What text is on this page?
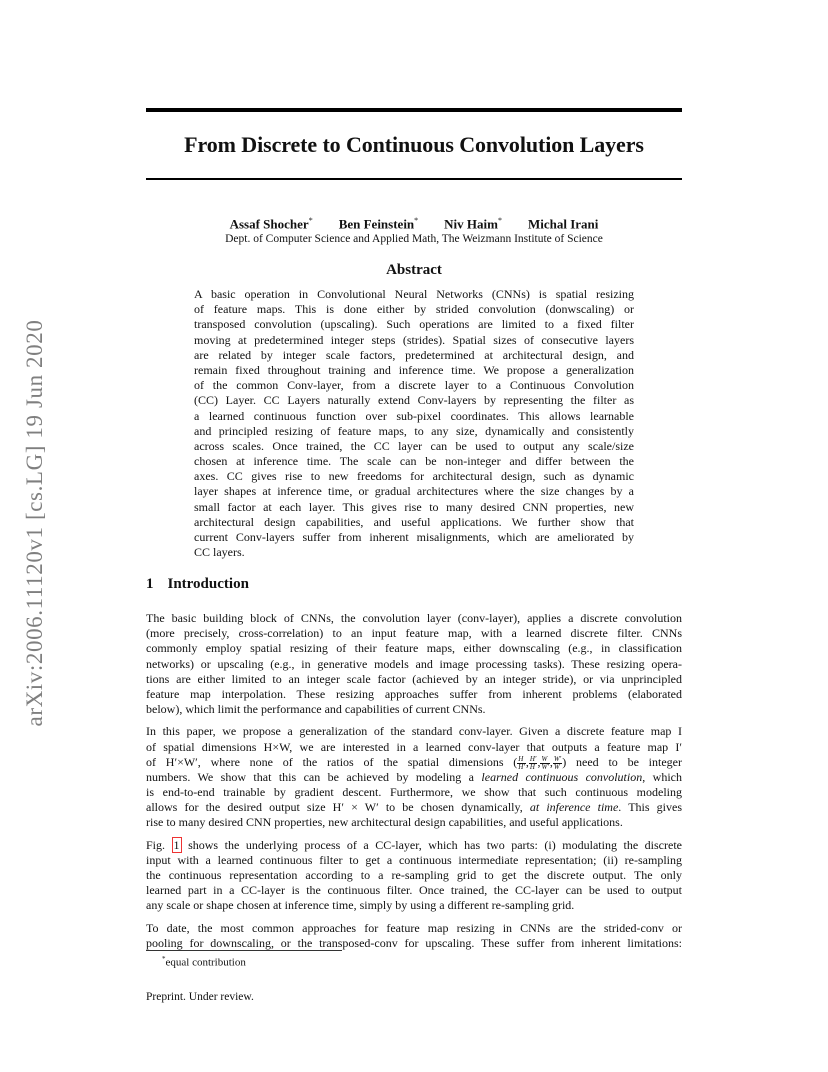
arXiv:2006.11120v1 [cs.LG] 19 Jun 2020
From Discrete to Continuous Convolution Layers
Assaf Shocher* Ben Feinstein* Niv Haim* Michal Irani
Dept. of Computer Science and Applied Math, The Weizmann Institute of Science
Abstract
A basic operation in Convolutional Neural Networks (CNNs) is spatial resizing
of feature maps. This is done either by strided convolution (donwscaling) or
transposed convolution (upscaling). Such operations are limited to a fixed filter
moving at predetermined integer steps (strides). Spatial sizes of consecutive layers
are related by integer scale factors, predetermined at architectural design, and
remain fixed throughout training and inference time. We propose a generalization
of the common Conv-layer, from a discrete layer to a Continuous Convolution
(CC) Layer. CC Layers naturally extend Conv-layers by representing the filter as
a learned continuous function over sub-pixel coordinates. This allows learnable
and principled resizing of feature maps, to any size, dynamically and consistently
across scales. Once trained, the CC layer can be used to output any scale/size
chosen at inference time. The scale can be non-integer and differ between the
axes. CC gives rise to new freedoms for architectural design, such as dynamic
layer shapes at inference time, or gradual architectures where the size changes by a
small factor at each layer. This gives rise to many desired CNN properties, new
architectural design capabilities, and useful applications. We further show that
current Conv-layers suffer from inherent misalignments, which are ameliorated by
CC layers.
1 Introduction
The basic building block of CNNs, the convolution layer (conv-layer), applies a discrete convolution
(more precisely, cross-correlation) to an input feature map, with a learned discrete filter. CNNs
commonly employ spatial resizing of their feature maps, either downscaling (e.g., in classification
networks) or upscaling (e.g., in generative models and image processing tasks). These resizing opera-
tions are either limited to an integer scale factor (achieved by an integer stride), or via unprincipled
feature map interpolation. These resizing approaches suffer from inherent problems (elaborated
below), which limit the performance and capabilities of current CNNs.
In this paper, we propose a generalization of the standard conv-layer. Given a discrete feature map I
of spatial dimensions H×W, we are interested in a learned conv-layer that outputs a feature map I′
of H′×W′, where none of the ratios of the spatial dimensions ( $\frac{H}{H'}$ , $\frac{H'}{H}$ , $\frac{W}{W'}$ , $\frac{W'}{W}$ ) need to be integer
numbers. We show that this can be achieved by modeling a learned continuous convolution, which
is end-to-end trainable by gradient descent. Furthermore, we show that such continuous modeling
allows for the desired output size H′ × W′ to be chosen dynamically, at inference time. This gives
rise to many desired CNN properties, new architectural design capabilities, and useful applications.
Fig. 1 shows the underlying process of a CC-layer, which has two parts: (i) modulating the discrete
input with a learned continuous filter to get a continuous intermediate representation; (ii) re-sampling
the continuous representation according to a re-sampling grid to get the discrete output. The only
learned part in a CC-layer is the continuous filter. Once trained, the CC-layer can be used to output
any scale or shape chosen at inference time, simply by using a different re-sampling grid.
To date, the most common approaches for feature map resizing in CNNs are the strided-conv or
pooling for downscaling, or the transposed-conv for upscaling. These suffer from inherent limitations:
*equal contribution
Preprint. Under review.
